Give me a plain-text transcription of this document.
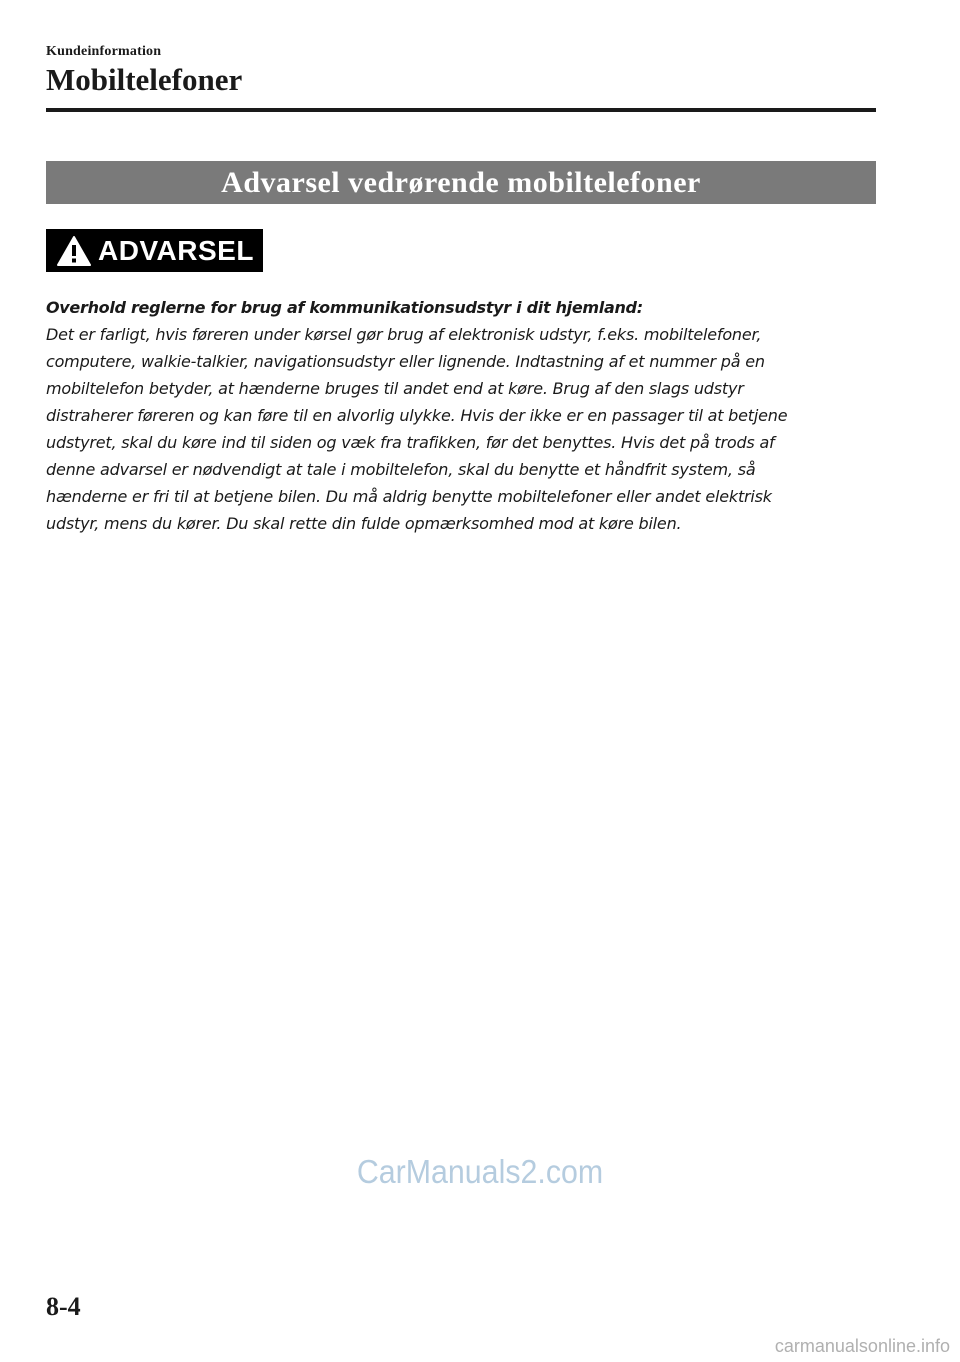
Kundeinformation
Mobiltelefoner
Advarsel vedrørende mobiltelefoner
ADVARSEL
Overhold reglerne for brug af kommunikationsudstyr i dit hjemland:
Det er farligt, hvis føreren under kørsel gør brug af elektronisk udstyr, f.eks. mobiltelefoner,
computere, walkie-talkier, navigationsudstyr eller lignende. Indtastning af et nummer på en
mobiltelefon betyder, at hænderne bruges til andet end at køre. Brug af den slags udstyr
distraherer føreren og kan føre til en alvorlig ulykke. Hvis der ikke er en passager til at betjene
udstyret, skal du køre ind til siden og væk fra trafikken, før det benyttes. Hvis det på trods af
denne advarsel er nødvendigt at tale i mobiltelefon, skal du benytte et håndfrit system, så
hænderne er fri til at betjene bilen. Du må aldrig benytte mobiltelefoner eller andet elektrisk
udstyr, mens du kører. Du skal rette din fulde opmærksomhed mod at køre bilen.
CarManuals2.com
8-4
carmanualsonline.info
